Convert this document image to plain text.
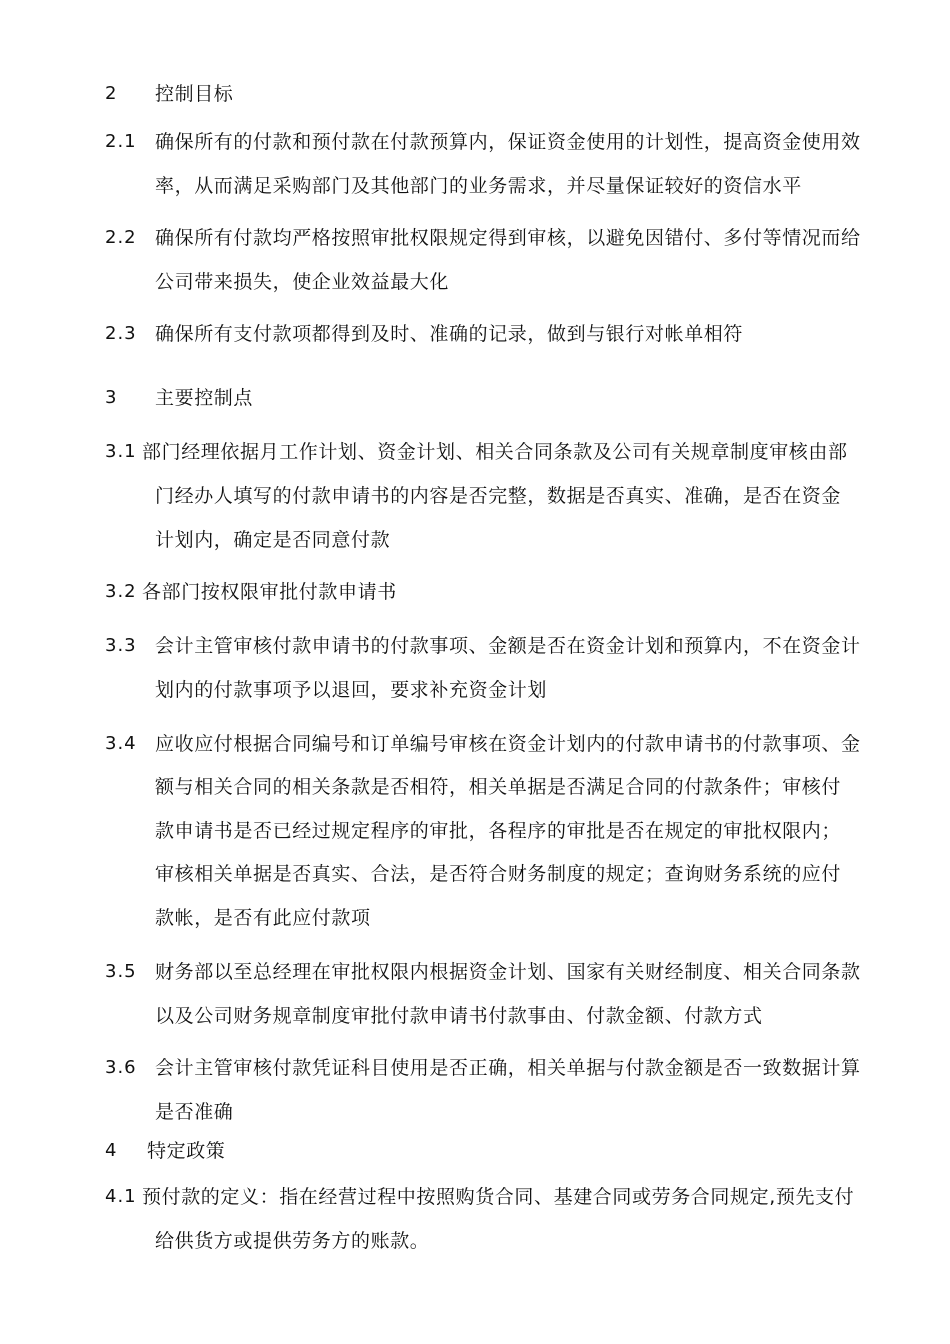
2 控制目标
2.1 确保所有的付款和预付款在付款预算内，保证资金使用的计划性，提高资金使用效
率，从而满足采购部门及其他部门的业务需求，并尽量保证较好的资信水平
2.2 确保所有付款均严格按照审批权限规定得到审核，以避免因错付、多付等情况而给
公司带来损失，使企业效益最大化
2.3 确保所有支付款项都得到及时、准确的记录，做到与银行对帐单相符
3 主要控制点
3.1 部门经理依据月工作计划、资金计划、相关合同条款及公司有关规章制度审核由部
门经办人填写的付款申请书的内容是否完整，数据是否真实、准确，是否在资金
计划内，确定是否同意付款
3.2 各部门按权限审批付款申请书
3.3 会计主管审核付款申请书的付款事项、金额是否在资金计划和预算内，不在资金计
划内的付款事项予以退回，要求补充资金计划
3.4 应收应付根据合同编号和订单编号审核在资金计划内的付款申请书的付款事项、金
额与相关合同的相关条款是否相符，相关单据是否满足合同的付款条件；审核付
款申请书是否已经过规定程序的审批，各程序的审批是否在规定的审批权限内；
审核相关单据是否真实、合法，是否符合财务制度的规定；查询财务系统的应付
款帐，是否有此应付款项
3.5 财务部以至总经理在审批权限内根据资金计划、国家有关财经制度、相关合同条款
以及公司财务规章制度审批付款申请书付款事由、付款金额、付款方式
3.6 会计主管审核付款凭证科目使用是否正确，相关单据与付款金额是否一致数据计算
是否准确
4 特定政策
4.1 预付款的定义：指在经营过程中按照购货合同、基建合同或劳务合同规定,预先支付
给供货方或提供劳务方的账款。
